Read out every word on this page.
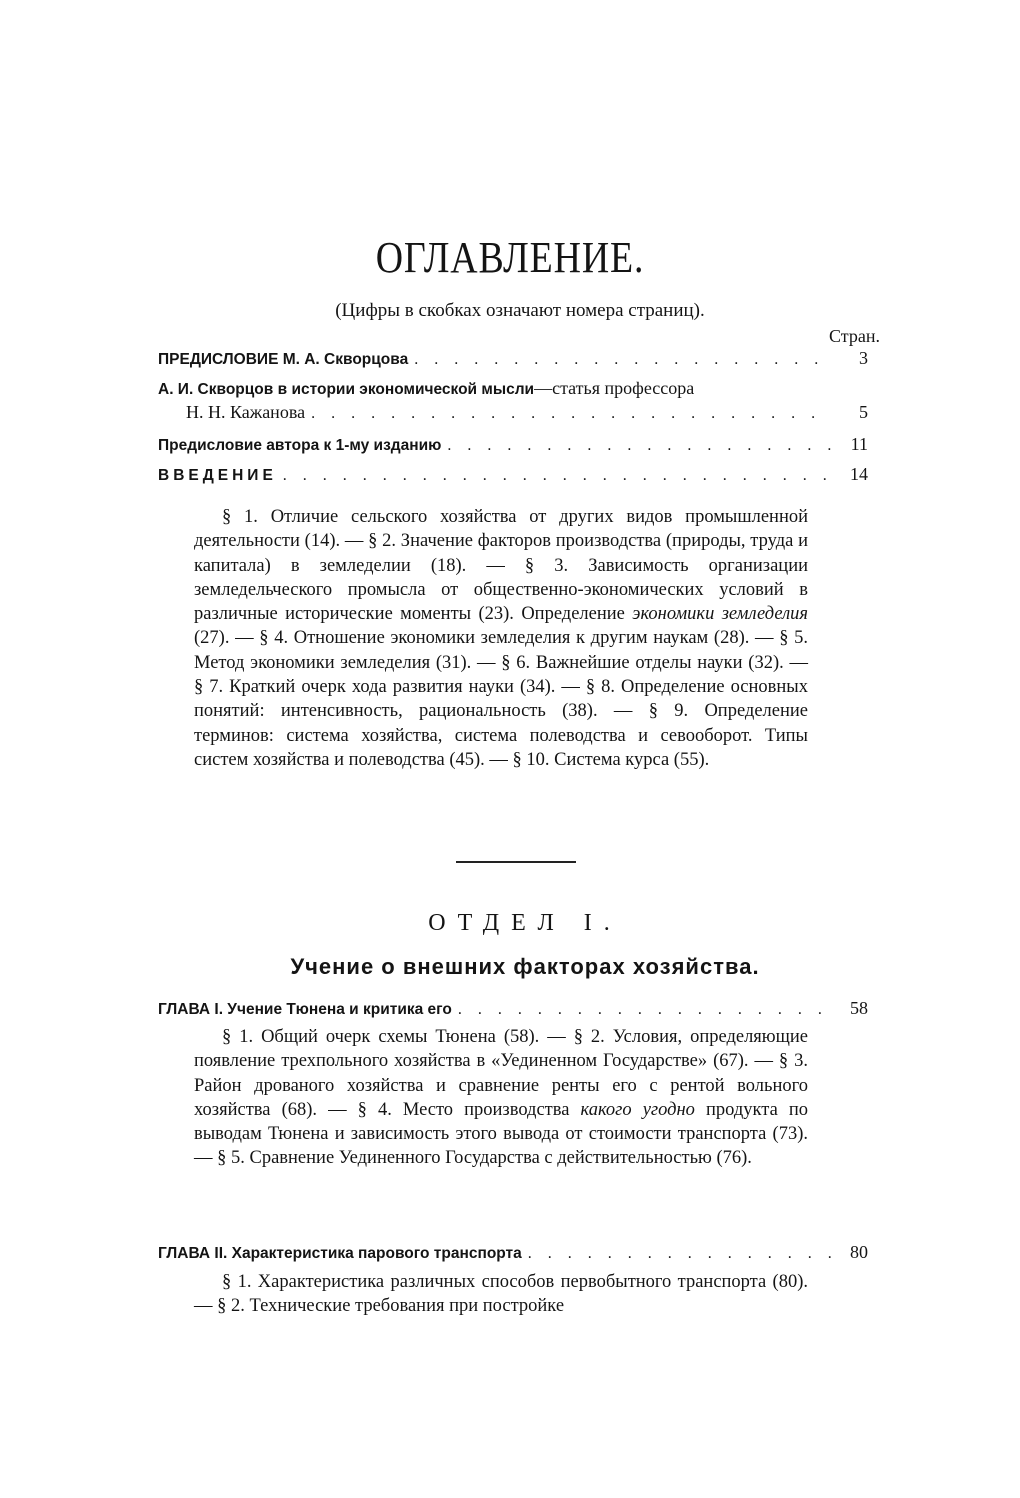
ОГЛАВЛЕНИЕ.
(Цифры в скобках означают номера страниц).
Стран.
ПРЕДИСЛОВИЕ М. А. Скворцова . . .	3
А. И. Скворцов в истории экономической мысли—статья профессора
Н. Н. Кажанова . . .	5
Предисловие автора к 1-му изданию . . .	11
ВВЕДЕНИЕ . . .	14

§ 1. Отличие сельского хозяйства от других видов промышленной деятельности (14). — § 2. Значение факторов производства (природы, труда и капитала) в земледелии (18). — § 3. Зависимость организации земледельческого промысла от общественно-экономических условий в различные исторические моменты (23). Определение экономики земледелия (27). — § 4. Отношение экономики земледелия к другим наукам (28). — § 5. Метод экономики земледелия (31). — § 6. Важнейшие отделы науки (32). — § 7. Краткий очерк хода развития науки (34). — § 8. Определение основных понятий: интенсивность, рациональность (38). — § 9. Определение терминов: система хозяйства, система полеводства и севооборот. Типы систем хозяйства и полеводства (45). — § 10. Система курса (55).

ОТДЕЛ I.
Учение о внешних факторах хозяйства.
ГЛАВА I. Учение Тюнена и критика его . . .	58

§ 1. Общий очерк схемы Тюнена (58). — § 2. Условия, определяющие появление трехпольного хозяйства в «Уединенном Государстве» (67). — § 3. Район дрованого хозяйства и сравнение ренты его с рентой вольного хозяйства (68). — § 4. Место производства какого угодно продукта по выводам Тюнена и зависимость этого вывода от стоимости транспорта (73).— § 5. Сравнение Уединенного Государства с действительностью (76).

ГЛАВА II. Характеристика парового транспорта . . .	80

§ 1. Характеристика различных способов первобытного транспорта (80). — § 2. Технические требования при постройке
